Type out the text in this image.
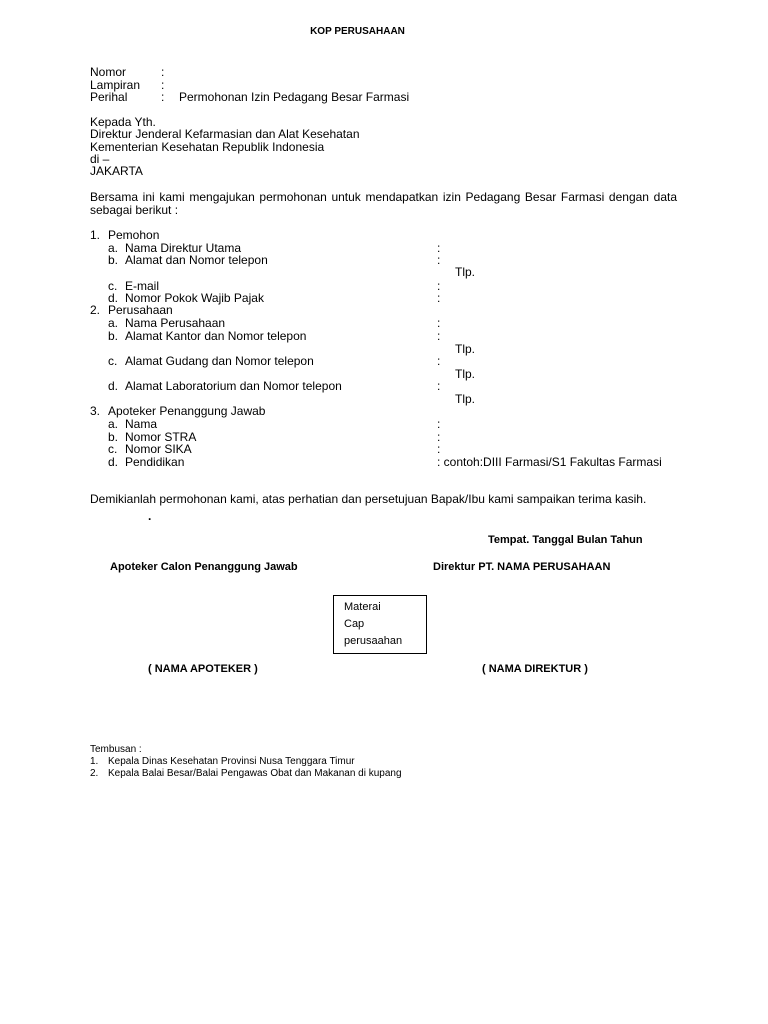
KOP PERUSAHAAN
Nomor	:
Lampiran :
Perihal	: Permohonan Izin Pedagang Besar Farmasi
Kepada Yth.
Direktur Jenderal Kefarmasian dan Alat Kesehatan
Kementerian Kesehatan Republik Indonesia
di –
JAKARTA
Bersama ini kami mengajukan permohonan untuk mendapatkan izin Pedagang Besar Farmasi dengan data sebagai berikut :
1. Pemohon
a. Nama Direktur Utama	:
b. Alamat dan Nomor telepon	:
Tlp.
c. E-mail	:
d. Nomor Pokok Wajib Pajak	:
2. Perusahaan
a. Nama Perusahaan	:
b. Alamat Kantor dan Nomor telepon	:
Tlp.
c. Alamat Gudang dan Nomor telepon	:
Tlp.
d. Alamat Laboratorium dan Nomor telepon	:
Tlp.
3. Apoteker Penanggung Jawab
a. Nama	:
b. Nomor STRA	:
c. Nomor SIKA	:
d. Pendidikan	: contoh:DIII Farmasi/S1 Fakultas Farmasi
Demikianlah permohonan kami, atas perhatian dan persetujuan Bapak/Ibu kami sampaikan terima kasih.
.
Tempat. Tanggal Bulan Tahun
Apoteker Calon Penanggung Jawab	Direktur PT. NAMA PERUSAHAAN
Materai
Cap
perusaahan
( NAMA APOTEKER )	( NAMA DIREKTUR )
Tembusan :
1. Kepala Dinas Kesehatan Provinsi Nusa Tenggara Timur
2. Kepala Balai Besar/Balai Pengawas Obat dan Makanan di kupang
